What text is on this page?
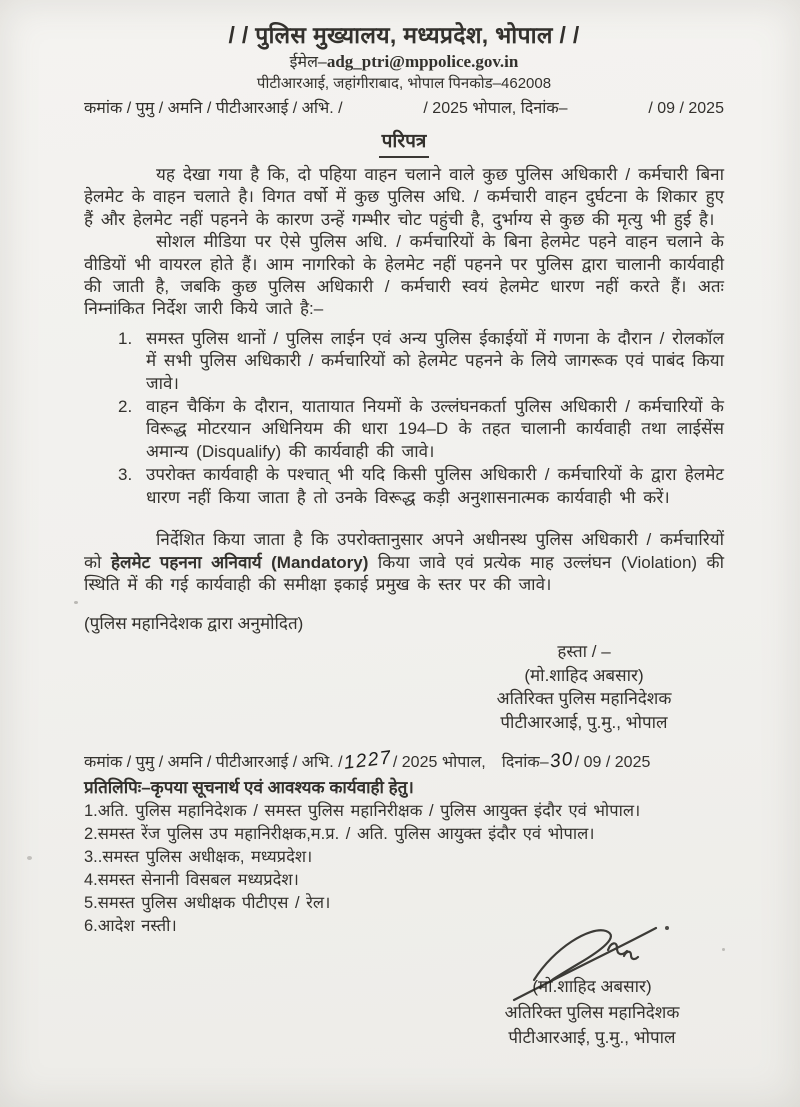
/ / पुलिस मुख्यालय, मध्यप्रदेश, भोपाल / /
ईमेल–adg_ptri@mppolice.gov.in
पीटीआरआई, जहांगीराबाद, भोपाल पिनकोड–462008
कमांक / पुमु / अमनि / पीटीआरआई / अभि. /	/ 2025 भोपाल, दिनांक–	/ 09 / 2025
परिपत्र

यह देखा गया है कि, दो पहिया वाहन चलाने वाले कुछ पुलिस अधिकारी / कर्मचारी बिना हेलमेट के वाहन चलाते है। विगत वर्षो में कुछ पुलिस अधि. / कर्मचारी वाहन दुर्घटना के शिकार हुए हैं और हेलमेट नहीं पहनने के कारण उन्हें गम्भीर चोट पहुंची है, दुर्भाग्य से कुछ की मृत्यु भी हुई है।

सोशल मीडिया पर ऐसे पुलिस अधि. / कर्मचारियों के बिना हेलमेट पहने वाहन चलाने के वीडियों भी वायरल होते हैं। आम नागरिको के हेलमेट नहीं पहनने पर पुलिस द्वारा चालानी कार्यवाही की जाती है, जबकि कुछ पुलिस अधिकारी / कर्मचारी स्वयं हेलमेट धारण नहीं करते हैं। अतः निम्नांकित निर्देश जारी किये जाते है:–

1. समस्त पुलिस थानों / पुलिस लाईन एवं अन्य पुलिस ईकाईयों में गणना के दौरान / रोलकॉल में सभी पुलिस अधिकारी / कर्मचारियों को हेलमेट पहनने के लिये जागरूक एवं पाबंद किया जावे।
2. वाहन चैकिंग के दौरान, यातायात नियमों के उल्लंघनकर्ता पुलिस अधिकारी / कर्मचारियों के विरूद्ध मोटरयान अधिनियम की धारा 194–D के तहत चालानी कार्यवाही तथा लाईसेंस अमान्य (Disqualify) की कार्यवाही की जावे।
3. उपरोक्त कार्यवाही के पश्चात् भी यदि किसी पुलिस अधिकारी / कर्मचारियों के द्वारा हेलमेट धारण नहीं किया जाता है तो उनके विरूद्ध कड़ी अनुशासनात्मक कार्यवाही भी करें।

निर्देशित किया जाता है कि उपरोक्तानुसार अपने अधीनस्थ पुलिस अधिकारी / कर्मचारियों को हेलमेट पहनना अनिवार्य (Mandatory) किया जावे एवं प्रत्येक माह उल्लंघन (Violation) की स्थिति में की गई कार्यवाही की समीक्षा इकाई प्रमुख के स्तर पर की जावे।

(पुलिस महानिदेशक द्वारा अनुमोदित)
हस्ता / –
(मो.शाहिद अबसार)
अतिरिक्त पुलिस महानिदेशक
पीटीआरआई, पु.मु., भोपाल
कमांक / पुमु / अमनि / पीटीआरआई / अभि. /1227/ 2025 भोपाल, दिनांक–30/ 09 / 2025
प्रतिलिपिः–कृपया सूचनार्थ एवं आवश्यक कार्यवाही हेतु।
1.अति. पुलिस महानिदेशक / समस्त पुलिस महानिरीक्षक / पुलिस आयुक्त इंदौर एवं भोपाल।
2.समस्त रेंज पुलिस उप महानिरीक्षक,म.प्र. / अति. पुलिस आयुक्त इंदौर एवं भोपाल।
3..समस्त पुलिस अधीक्षक, मध्यप्रदेश।
4.समस्त सेनानी विसबल मध्यप्रदेश।
5.समस्त पुलिस अधीक्षक पीटीएस / रेल।
6.आदेश नस्ती।
(मो.शाहिद अबसार)
अतिरिक्त पुलिस महानिदेशक
पीटीआरआई, पु.मु., भोपाल
